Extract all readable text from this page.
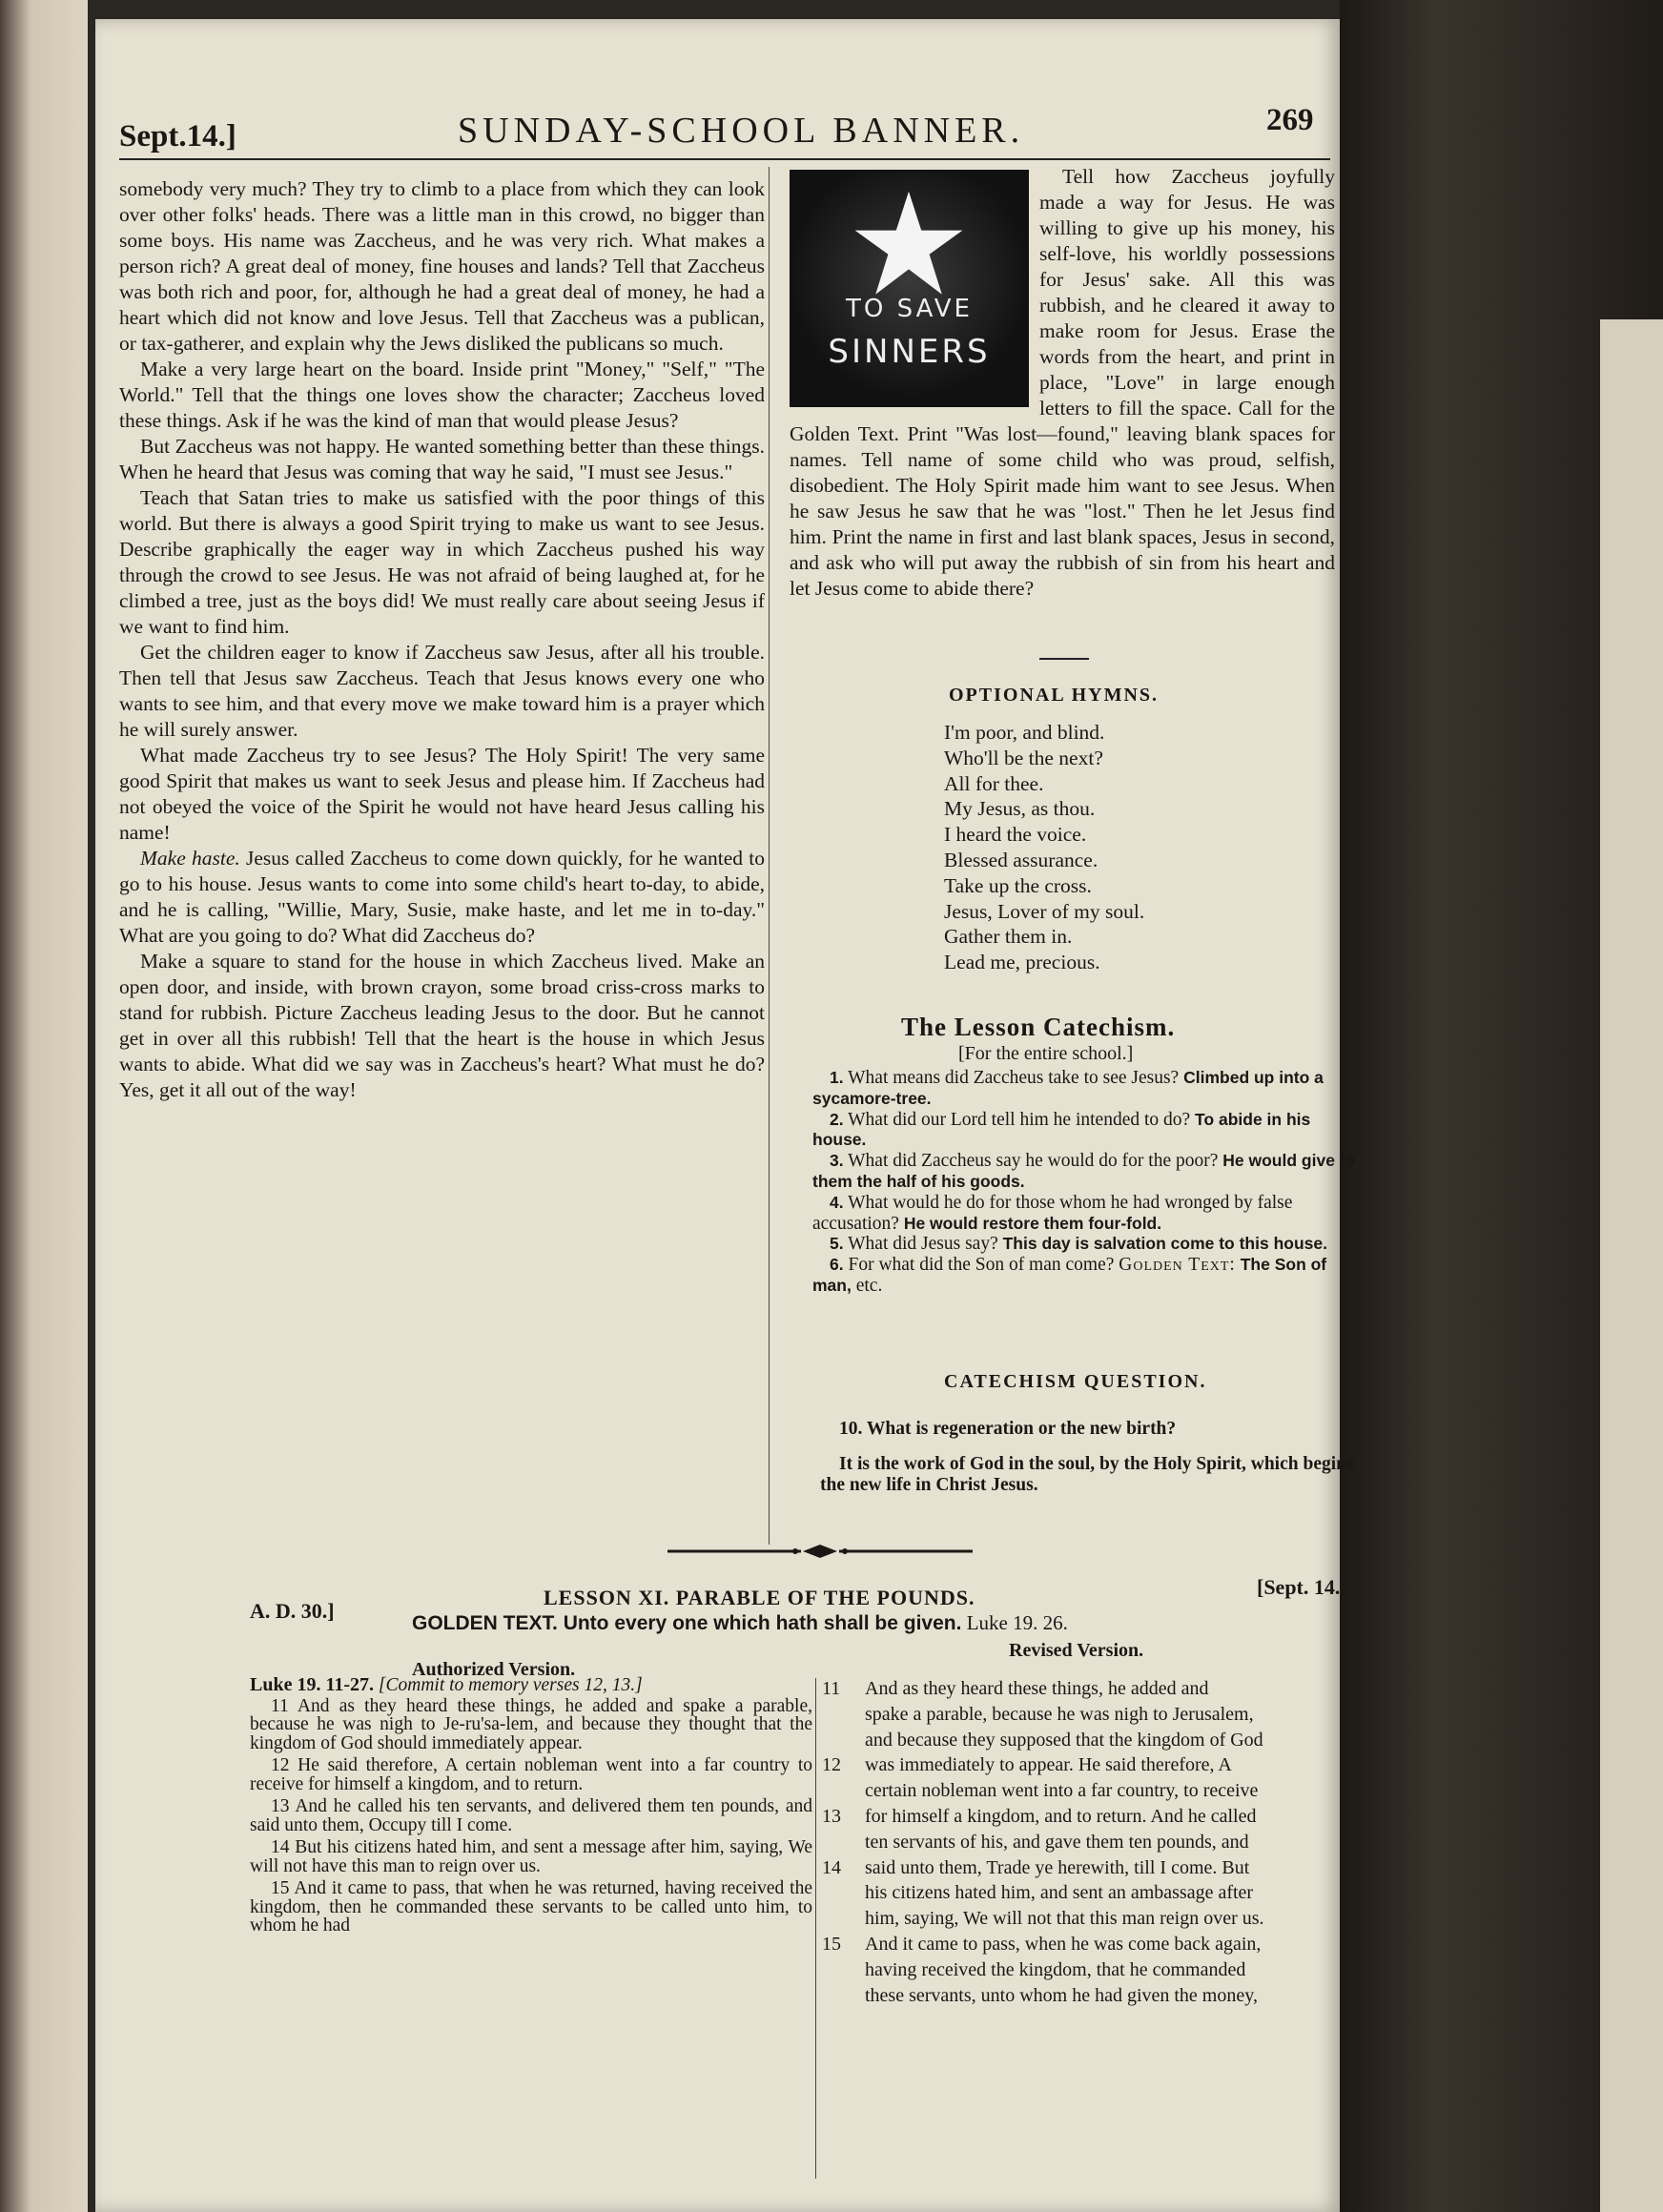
Sept.14.]	SUNDAY-SCHOOL BANNER.	269

somebody very much? They try to climb to a place from which they can look over other folks' heads. There was a little man in this crowd, no bigger than some boys. His name was Zaccheus, and he was very rich. What makes a person rich? A great deal of money, fine houses and lands? Tell that Zaccheus was both rich and poor, for, although he had a great deal of money, he had a heart which did not know and love Jesus. Tell that Zaccheus was a publican, or tax-gatherer, and explain why the Jews disliked the publicans so much.

Make a very large heart on the board. Inside print "Money," "Self," "The World." Tell that the things one loves show the character; Zaccheus loved these things. Ask if he was the kind of man that would please Jesus?

But Zaccheus was not happy. He wanted something better than these things. When he heard that Jesus was coming that way he said, "I must see Jesus."

Teach that Satan tries to make us satisfied with the poor things of this world. But there is always a good Spirit trying to make us want to see Jesus. Describe graphically the eager way in which Zaccheus pushed his way through the crowd to see Jesus. He was not afraid of being laughed at, for he climbed a tree, just as the boys did! We must really care about seeing Jesus if we want to find him.

Get the children eager to know if Zaccheus saw Jesus, after all his trouble. Then tell that Jesus saw Zaccheus. Teach that Jesus knows every one who wants to see him, and that every move we make toward him is a prayer which he will surely answer.

What made Zaccheus try to see Jesus? The Holy Spirit! The very same good Spirit that makes us want to seek Jesus and please him. If Zaccheus had not obeyed the voice of the Spirit he would not have heard Jesus calling his name!

Make haste. Jesus called Zaccheus to come down quickly, for he wanted to go to his house. Jesus wants to come into some child's heart to-day, to abide, and he is calling, "Willie, Mary, Susie, make haste, and let me in to-day." What are you going to do? What did Zaccheus do?

Make a square to stand for the house in which Zaccheus lived. Make an open door, and inside, with brown crayon, some broad criss-cross marks to stand for rubbish. Picture Zaccheus leading Jesus to the door. But he cannot get in over all this rubbish! Tell that the heart is the house in which Jesus wants to abide. What did we say was in Zaccheus's heart? What must he do? Yes, get it all out of the way!

TO SAVE
SINNERS

Tell how Zaccheus joyfully made a way for Jesus. He was willing to give up his money, his self-love, his worldly possessions for Jesus' sake. All this was rubbish, and he cleared it away to make room for Jesus. Erase the words from the heart, and print in place, "Love" in large enough letters to fill the space. Call for the Golden Text. Print "Was lost—found," leaving blank spaces for names. Tell name of some child who was proud, selfish, disobedient. The Holy Spirit made him want to see Jesus. When he saw Jesus he saw that he was "lost." Then he let Jesus find him. Print the name in first and last blank spaces, Jesus in second, and ask who will put away the rubbish of sin from his heart and let Jesus come to abide there?

OPTIONAL HYMNS.
I'm poor, and blind.
Who'll be the next?
All for thee.
My Jesus, as thou.
I heard the voice.
Blessed assurance.
Take up the cross.
Jesus, Lover of my soul.
Gather them in.
Lead me, precious.
The Lesson Catechism.
[For the entire school.]
1. What means did Zaccheus take to see Jesus? Climbed up into a sycamore-tree.
2. What did our Lord tell him he intended to do? To abide in his house.
3. What did Zaccheus say he would do for the poor? He would give to them the half of his goods.
4. What would he do for those whom he had wronged by false accusation? He would restore them four-fold.
5. What did Jesus say? This day is salvation come to this house.
6. For what did the Son of man come? Golden Text: The Son of man, etc.
CATECHISM QUESTION.
10. What is regeneration or the new birth?
It is the work of God in the soul, by the Holy Spirit, which begins the new life in Christ Jesus.
A. D. 30.]
LESSON XI. PARABLE OF THE POUNDS.	[Sept. 14.
GOLDEN TEXT. Unto every one which hath shall be given. Luke 19. 26.
Authorized Version.
Revised Version.

Luke 19. 11-27. [Commit to memory verses 12, 13.]

11 And as they heard these things, he added and spake a parable, because he was nigh to Je-ru'sa-lem, and because they thought that the kingdom of God should immediately appear.

12 He said therefore, A certain nobleman went into a far country to receive for himself a kingdom, and to return.

13 And he called his ten servants, and delivered them ten pounds, and said unto them, Occupy till I come.

14 But his citizens hated him, and sent a message after him, saying, We will not have this man to reign over us.

15 And it came to pass, that when he was returned, having received the kingdom, then he commanded these servants to be called unto him, to whom he had

11	And as they heard these things, he added and
spake a parable, because he was nigh to Jerusalem,
and because they supposed that the kingdom of God
12	was immediately to appear. He said therefore, A
certain nobleman went into a far country, to receive
13	for himself a kingdom, and to return. And he called
ten servants of his, and gave them ten pounds, and
14	said unto them, Trade ye herewith, till I come. But
his citizens hated him, and sent an ambassage after
him, saying, We will not that this man reign over us.
15	And it came to pass, when he was come back again,
having received the kingdom, that he commanded
these servants, unto whom he had given the money,
